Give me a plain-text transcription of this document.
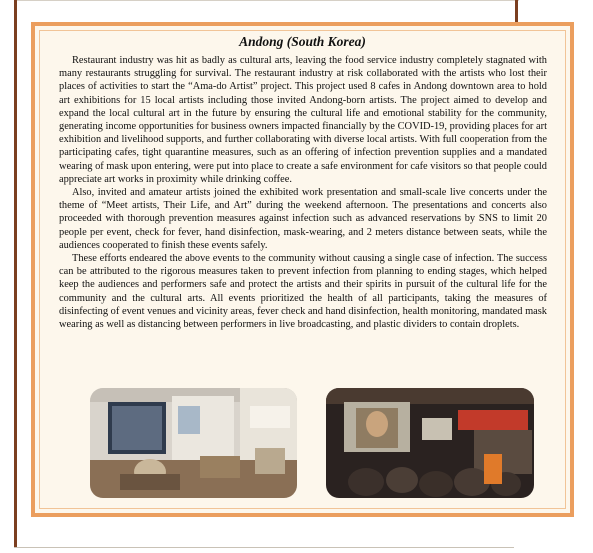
Andong (South Korea)

Restaurant industry was hit as badly as cultural arts, leaving the food service industry completely stagnated with many restaurants struggling for survival. The restaurant industry at risk collaborated with the artists who lost their places of activities to start the “Ama-do Artist” project. This project used 8 cafes in Andong downtown area to hold art exhibitions for 15 local artists including those invited Andong-born artists. The project aimed to develop and expand the local cultural art in the future by ensuring the cultural life and emotional stability for the community, generating income opportunities for business owners impacted financially by the COVID-19, providing places for art exhibition and livelihood supports, and further collaborating with diverse local artists. With full cooperation from the participating cafes, tight quarantine measures, such as an offering of infection prevention supplies and a mandated wearing of mask upon entering, were put into place to create a safe environment for cafe visitors so that people could appreciate art works in proximity while drinking coffee.

Also, invited and amateur artists joined the exhibited work presentation and small-scale live concerts under the theme of “Meet artists, Their Life, and Art” during the weekend afternoon. The presentations and concerts also proceeded with thorough prevention measures against infection such as advanced reservations by SNS to limit 20 people per event, check for fever, hand disinfection, mask-wearing, and 2 meters distance between seats, while the audiences cooperated to finish these events safely.

These efforts endeared the above events to the community without causing a single case of infection. The success can be attributed to the rigorous measures taken to prevent infection from planning to ending stages, which helped keep the audiences and performers safe and protect the artists and their spirits in pursuit of the cultural life for the community and the cultural arts. All events prioritized the health of all participants, taking the measures of disinfecting of event venues and vicinity areas, fever check and hand disinfection, health monitoring, mandated mask wearing as well as distancing between performers in live broadcasting, and plastic dividers to contain droplets.
